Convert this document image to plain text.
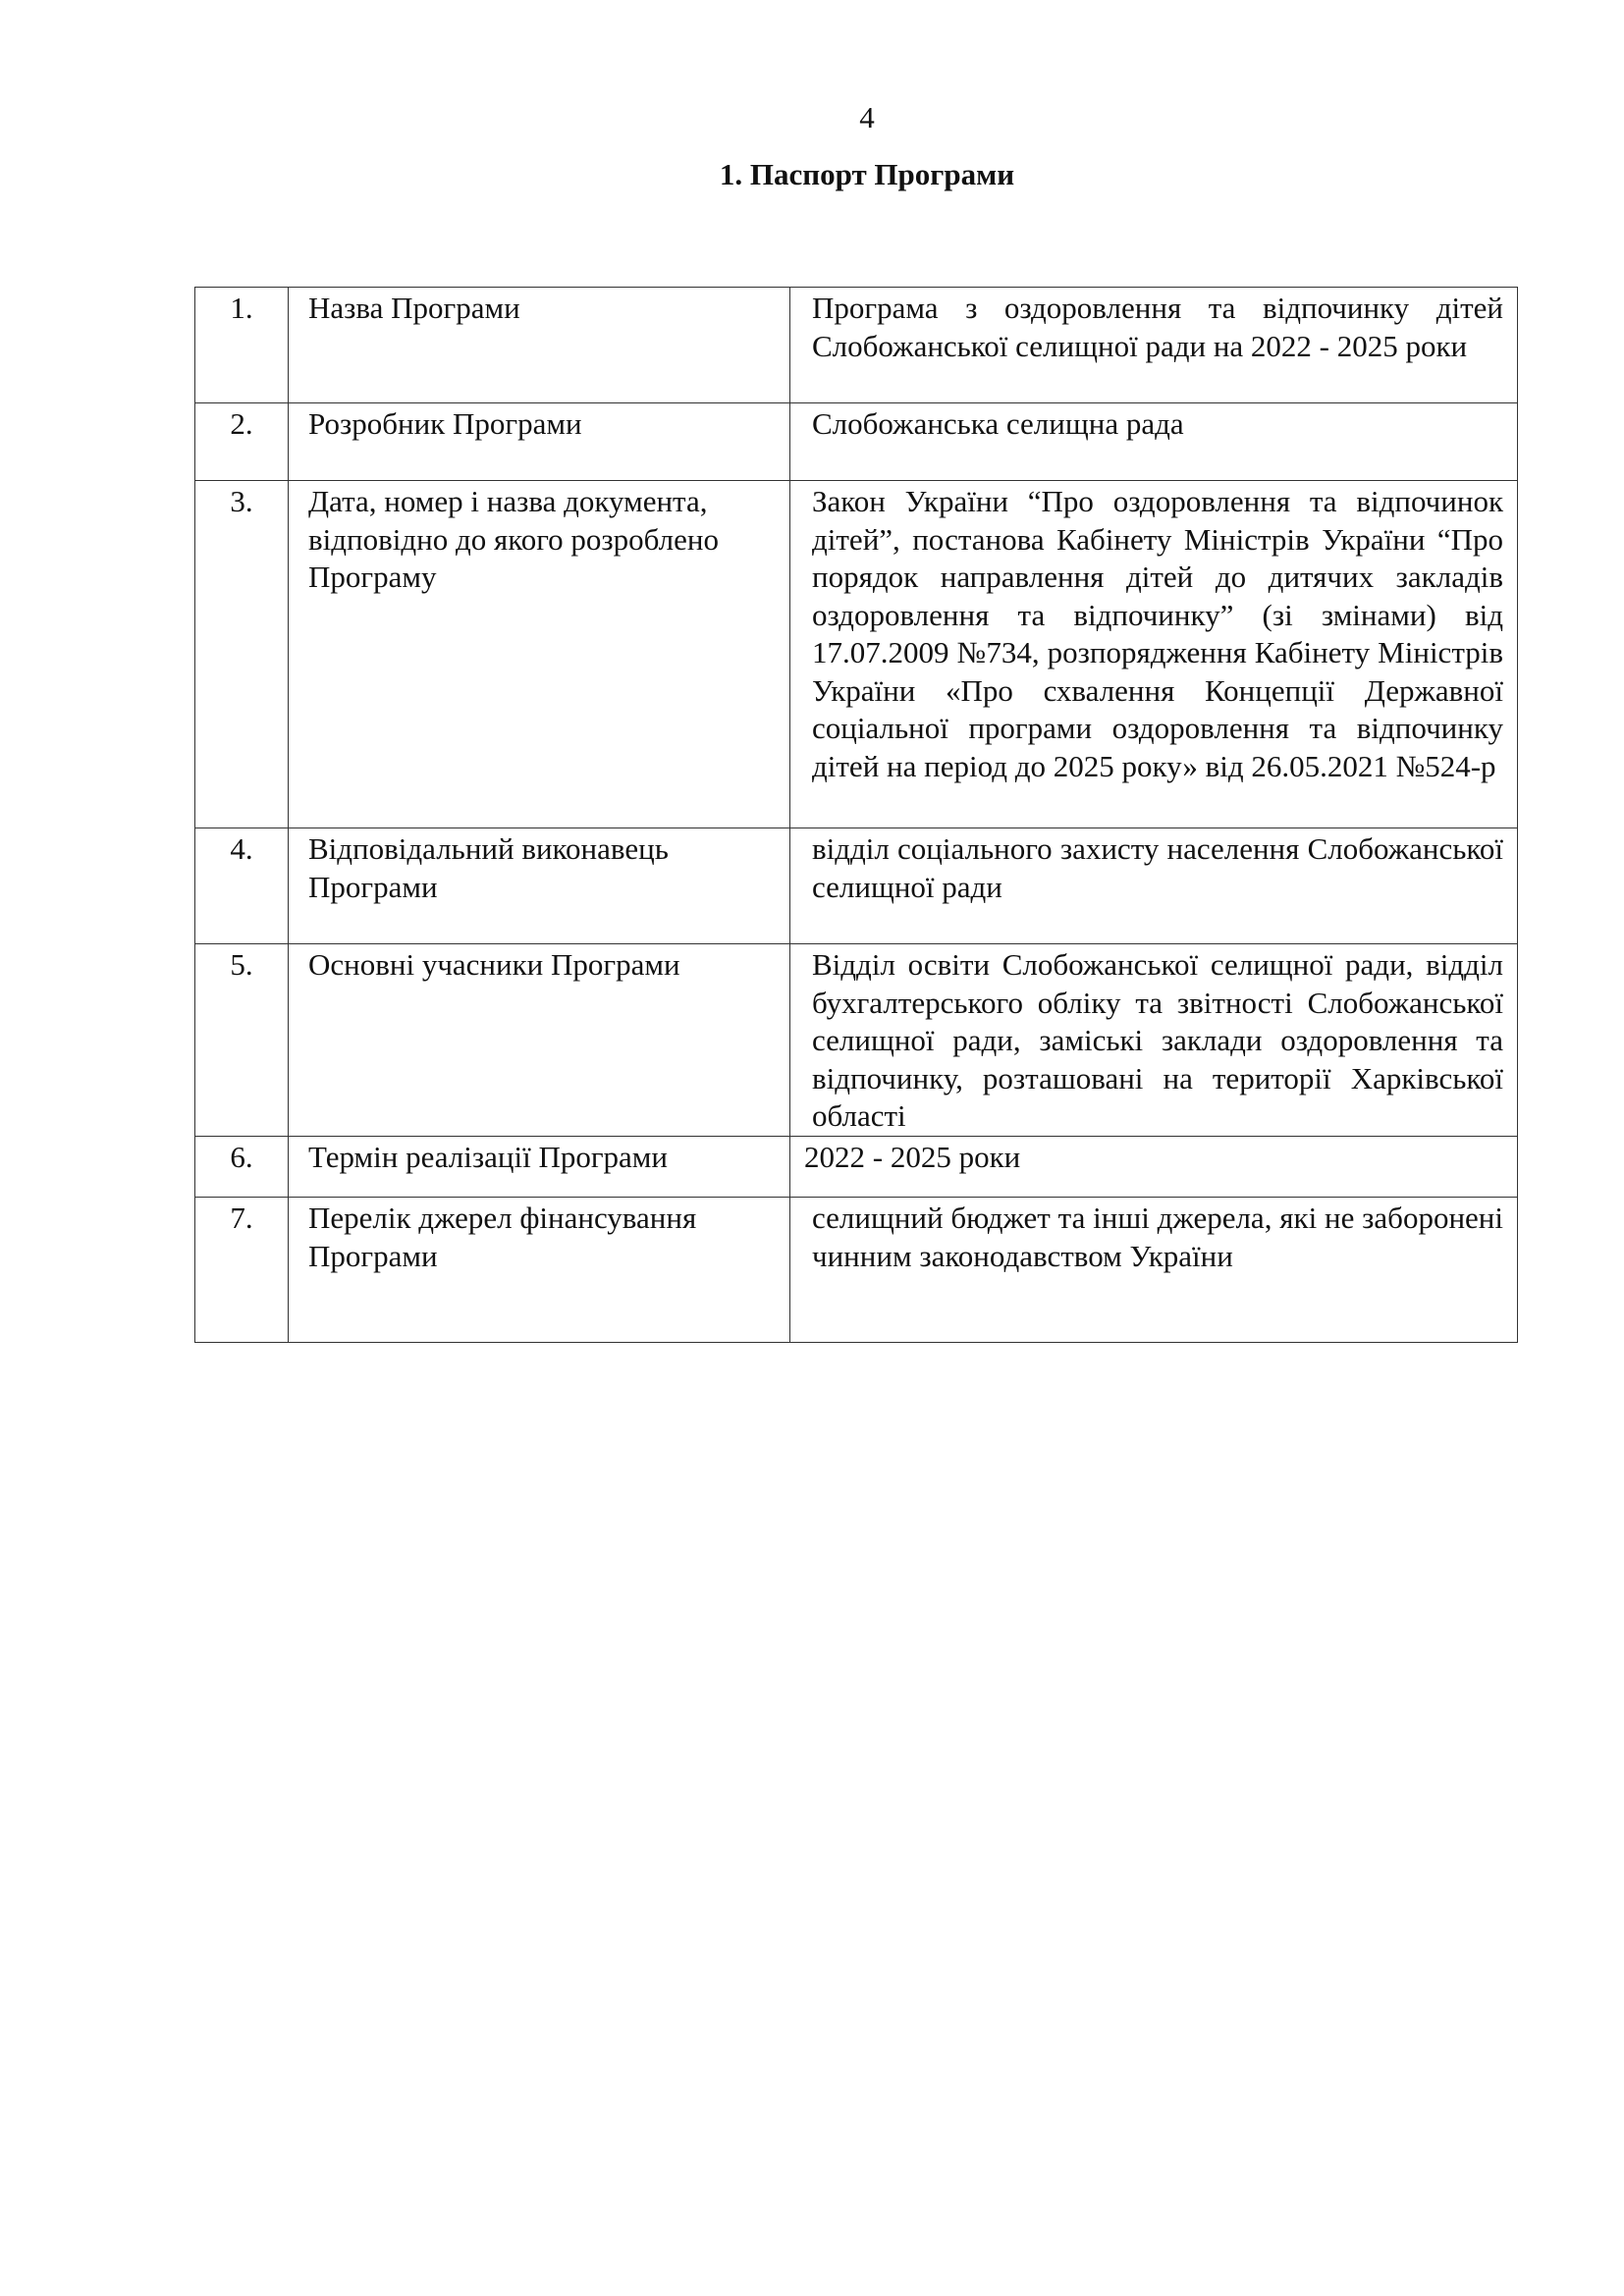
4
1. Паспорт Програми
1.	Назва Програми	Програма з оздоровлення та відпочинку дітей Слобожанської селищної ради на 2022 - 2025 роки
2.	Розробник Програми	Слобожанська селищна рада
3.	Дата, номер і назва документа, відповідно до якого розроблено Програму	Закон України “Про оздоровлення та відпочинок дітей”, постанова Кабінету Міністрів України “Про порядок направлення дітей до дитячих закладів оздоровлення та відпочинку” (зі змінами) від 17.07.2009 №734, розпорядження Кабінету Міністрів України «Про схвалення Концепції Державної соціальної програми оздоровлення та відпочинку дітей на період до 2025 року» від 26.05.2021 №524-р
4.	Відповідальний виконавець Програми	відділ соціального захисту населення Слобожанської селищної ради
5.	Основні учасники Програми	Відділ освіти Слобожанської селищної ради, відділ бухгалтерського обліку та звітності Слобожанської селищної ради, заміські заклади оздоровлення та відпочинку, розташовані на території Харківської області
6.	Термін реалізації Програми	2022 - 2025 роки
7.	Перелік джерел фінансування Програми	селищний бюджет та інші джерела, які не заборонені чинним законодавством України
